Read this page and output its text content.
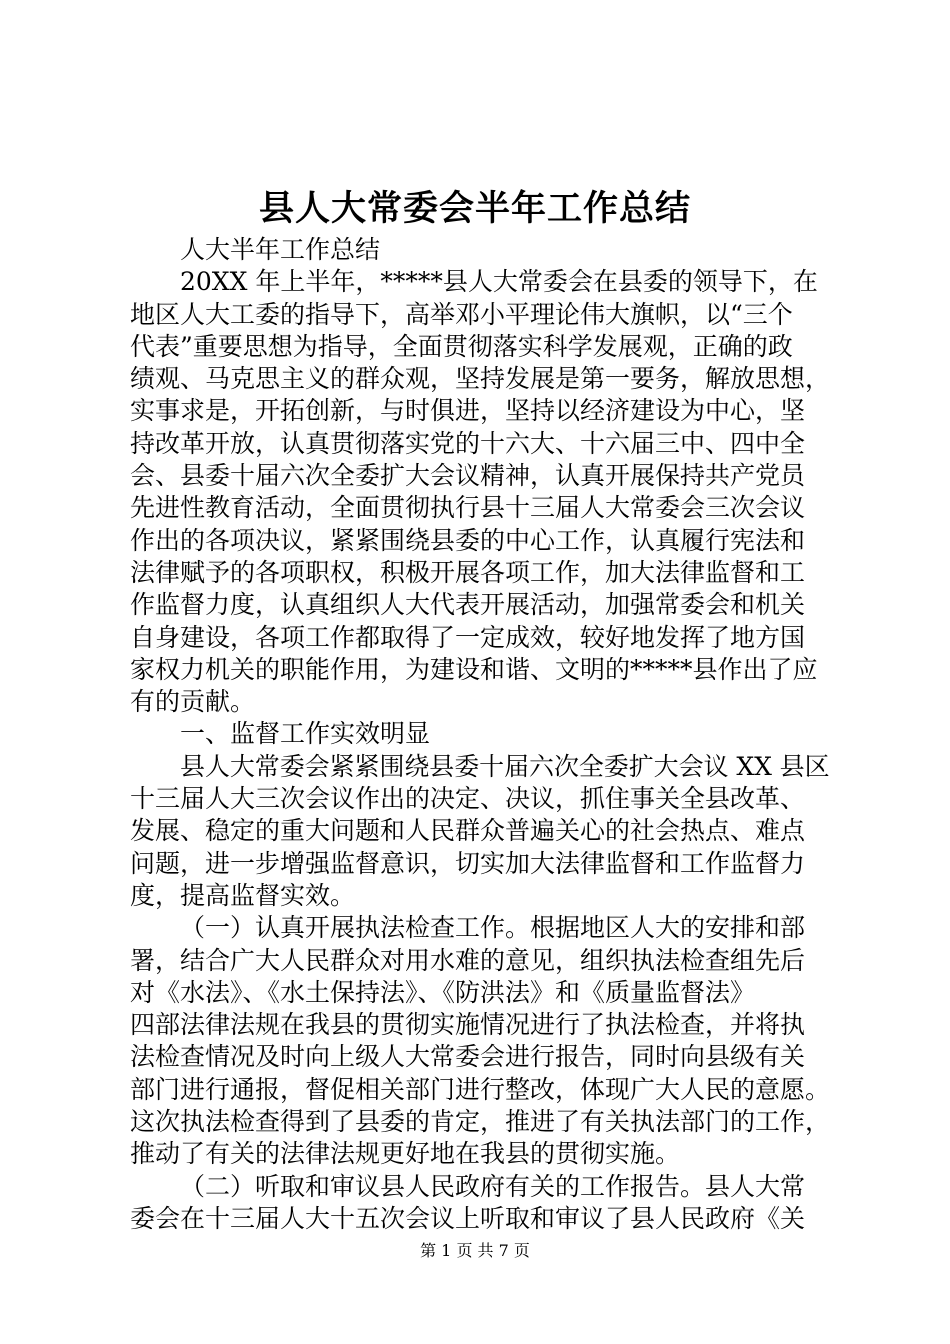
县人大常委会半年工作总结
人大半年工作总结
20XX 年上半年，*****县人大常委会在县委的领导下，在
地区人大工委的指导下，高举邓小平理论伟大旗帜，以“三个
代表”重要思想为指导，全面贯彻落实科学发展观，正确的政
绩观、马克思主义的群众观，坚持发展是第一要务，解放思想，
实事求是，开拓创新，与时俱进，坚持以经济建设为中心，坚
持改革开放，认真贯彻落实党的十六大、十六届三中、四中全
会、县委十届六次全委扩大会议精神，认真开展保持共产党员
先进性教育活动，全面贯彻执行县十三届人大常委会三次会议
作出的各项决议，紧紧围绕县委的中心工作，认真履行宪法和
法律赋予的各项职权，积极开展各项工作，加大法律监督和工
作监督力度，认真组织人大代表开展活动，加强常委会和机关
自身建设，各项工作都取得了一定成效，较好地发挥了地方国
家权力机关的职能作用，为建设和谐、文明的*****县作出了应
有的贡献。
一、监督工作实效明显
县人大常委会紧紧围绕县委十届六次全委扩大会议 XX 县区
十三届人大三次会议作出的决定、决议，抓住事关全县改革、
发展、稳定的重大问题和人民群众普遍关心的社会热点、难点
问题，进一步增强监督意识，切实加大法律监督和工作监督力
度，提高监督实效。
（一）认真开展执法检查工作。根据地区人大的安排和部
署，结合广大人民群众对用水难的意见，组织执法检查组先后
对《水法》、《水土保持法》、《防洪法》和《质量监督法》
四部法律法规在我县的贯彻实施情况进行了执法检查，并将执
法检查情况及时向上级人大常委会进行报告，同时向县级有关
部门进行通报，督促相关部门进行整改，体现广大人民的意愿。
这次执法检查得到了县委的肯定，推进了有关执法部门的工作，
推动了有关的法律法规更好地在我县的贯彻实施。
（二）听取和审议县人民政府有关的工作报告。县人大常
委会在十三届人大十五次会议上听取和审议了县人民政府《关
第 1 页 共 7 页
